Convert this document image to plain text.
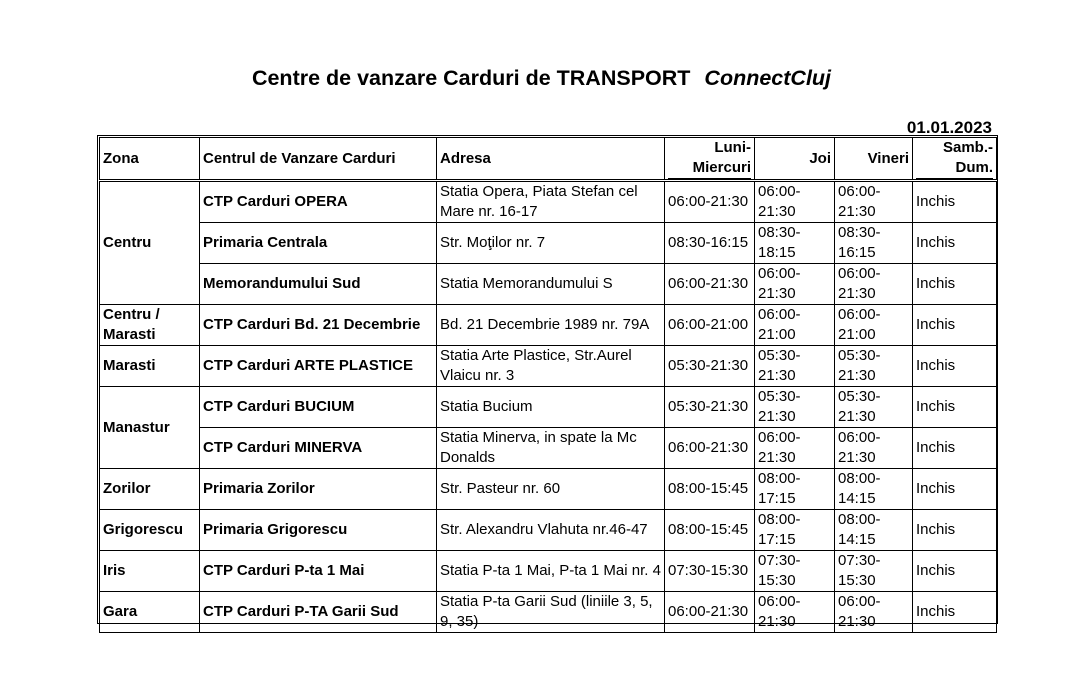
Centre de vanzare Carduri de TRANSPORT ConnectCluj
01.01.2023
Zona	Centrul de Vanzare Carduri	Adresa	Luni-Miercuri	Joi	Vineri	Samb.-Dum.
Centru	CTP Carduri OPERA	Statia Opera, Piata Stefan cel Mare nr. 16-17	06:00-21:30	06:00-21:30	06:00-21:30	Inchis
	Primaria Centrala	Str. Moţilor nr. 7	08:30-16:15	08:30-18:15	08:30-16:15	Inchis
	Memorandumului Sud	Statia Memorandumului S	06:00-21:30	06:00-21:30	06:00-21:30	Inchis
Centru / Marasti	CTP Carduri Bd. 21 Decembrie	Bd. 21 Decembrie 1989 nr. 79A	06:00-21:00	06:00-21:00	06:00-21:00	Inchis
Marasti	CTP Carduri ARTE PLASTICE	Statia Arte Plastice, Str.Aurel Vlaicu nr. 3	05:30-21:30	05:30-21:30	05:30-21:30	Inchis
Manastur	CTP Carduri BUCIUM	Statia Bucium	05:30-21:30	05:30-21:30	05:30-21:30	Inchis
	CTP Carduri MINERVA	Statia Minerva, in spate la Mc Donalds	06:00-21:30	06:00-21:30	06:00-21:30	Inchis
Zorilor	Primaria Zorilor	Str. Pasteur nr. 60	08:00-15:45	08:00-17:15	08:00-14:15	Inchis
Grigorescu	Primaria Grigorescu	Str. Alexandru Vlahuta nr.46-47	08:00-15:45	08:00-17:15	08:00-14:15	Inchis
Iris	CTP Carduri P-ta 1 Mai	Statia P-ta 1 Mai, P-ta 1 Mai nr. 4	07:30-15:30	07:30-15:30	07:30-15:30	Inchis
Gara	CTP Carduri P-TA Garii Sud	Statia P-ta Garii Sud (liniile 3, 5, 9, 35)	06:00-21:30	06:00-21:30	06:00-21:30	Inchis
